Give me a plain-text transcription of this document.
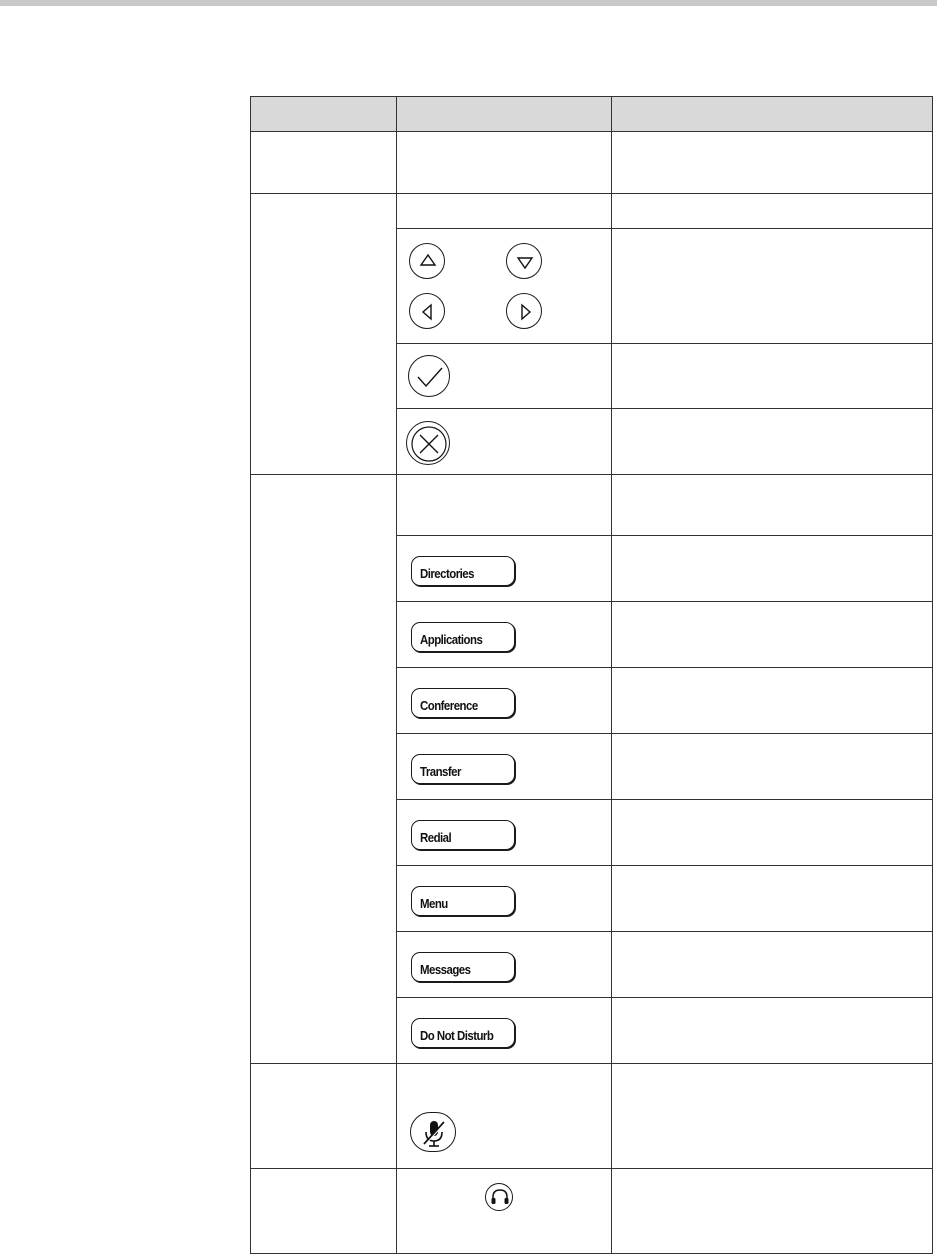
	Directories	

	Applications	

	Conference	

	Transfer	

	Redial	

	Menu	

	Messages	

	Do Not Disturb	
